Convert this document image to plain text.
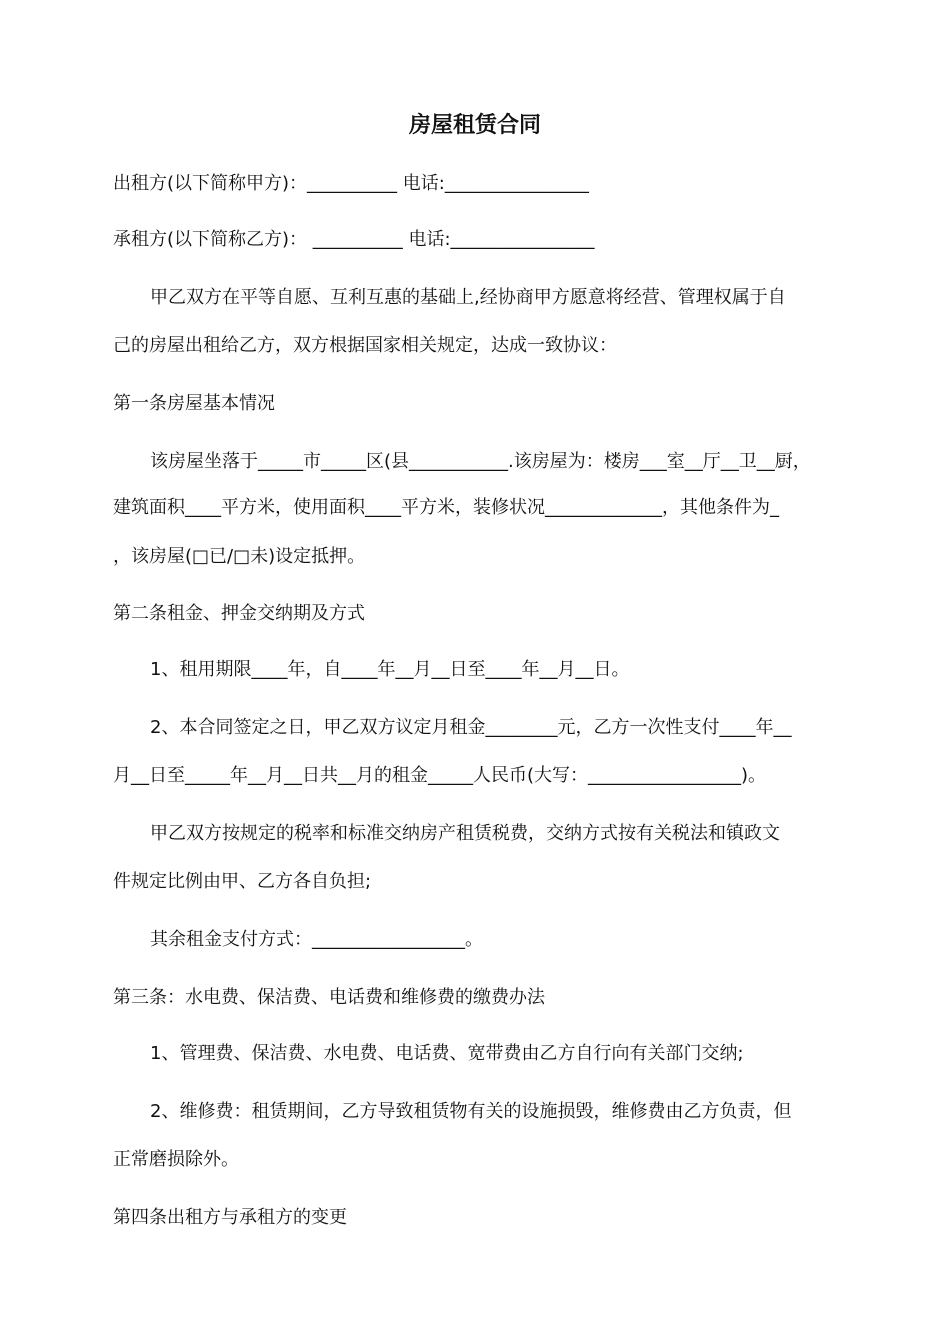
房屋租赁合同
出租方(以下简称甲方)：__________ 电话:________________
承租方(以下简称乙方)： __________ 电话:________________
甲乙双方在平等自愿、互利互惠的基础上,经协商甲方愿意将经营、管理权属于自
己的房屋出租给乙方，双方根据国家相关规定，达成一致协议：
第一条房屋基本情况
该房屋坐落于_____市_____区(县___________.该房屋为：楼房___室__厅__卫__厨，
建筑面积____平方米，使用面积____平方米，装修状况_____________，其他条件为_
，该房屋(□已/□未)设定抵押。
第二条租金、押金交纳期及方式
1、租用期限____年，自____年__月__日至____年__月__日。
2、本合同签定之日，甲乙双方议定月租金________元，乙方一次性支付____年__
月__日至_____年__月__日共__月的租金_____人民币(大写：_________________)。
甲乙双方按规定的税率和标准交纳房产租赁税费，交纳方式按有关税法和镇政文
件规定比例由甲、乙方各自负担;
其余租金支付方式：_________________。
第三条：水电费、保洁费、电话费和维修费的缴费办法
1、管理费、保洁费、水电费、电话费、宽带费由乙方自行向有关部门交纳;
2、维修费：租赁期间，乙方导致租赁物有关的设施损毁，维修费由乙方负责，但
正常磨损除外。
第四条出租方与承租方的变更
